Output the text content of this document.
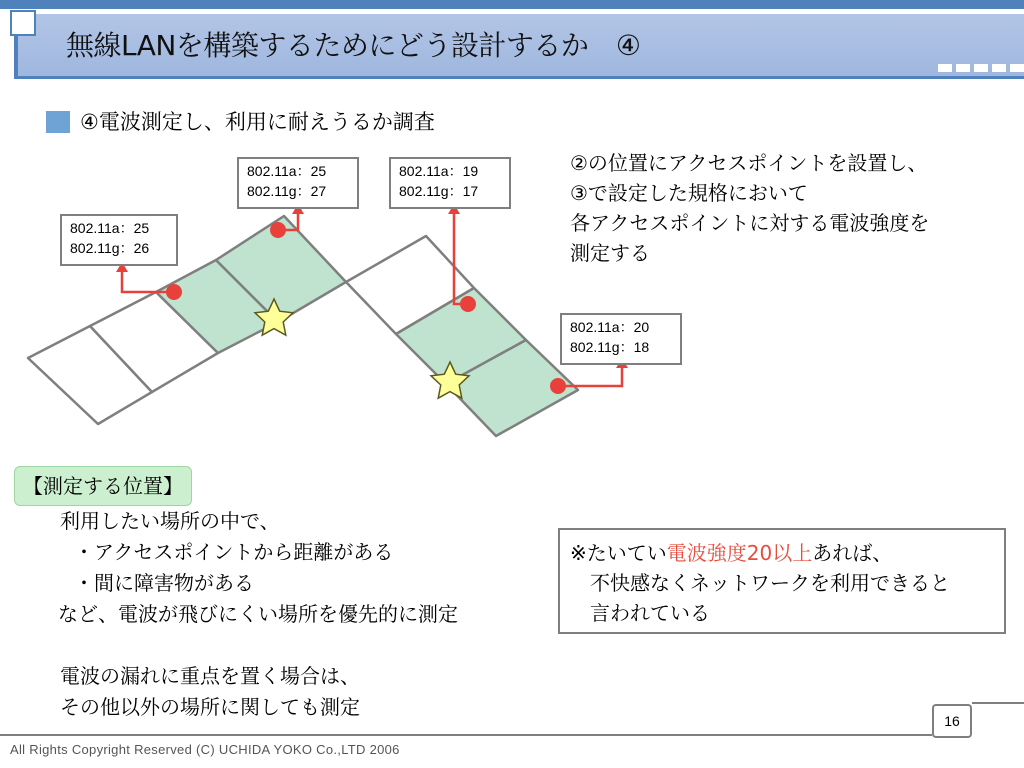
無線LANを構築するためにどう設計するか　④
④電波測定し、利用に耐えうるか調査
802.11a：25
802.11g：26
802.11a：25
802.11g：27
802.11a：19
802.11g：17
802.11a：20
802.11g：18
②の位置にアクセスポイントを設置し、
③で設定した規格において
各アクセスポイントに対する電波強度を
測定する
【測定する位置】
利用したい場所の中で、
・アクセスポイントから距離がある
・間に障害物がある
など、電波が飛びにくい場所を優先的に測定
電波の漏れに重点を置く場合は、
その他以外の場所に関しても測定
※たいてい電波強度20以上あれば、
不快感なくネットワークを利用できると
言われている
16
All Rights Copyright Reserved (C) UCHIDA YOKO Co.,LTD 2006
